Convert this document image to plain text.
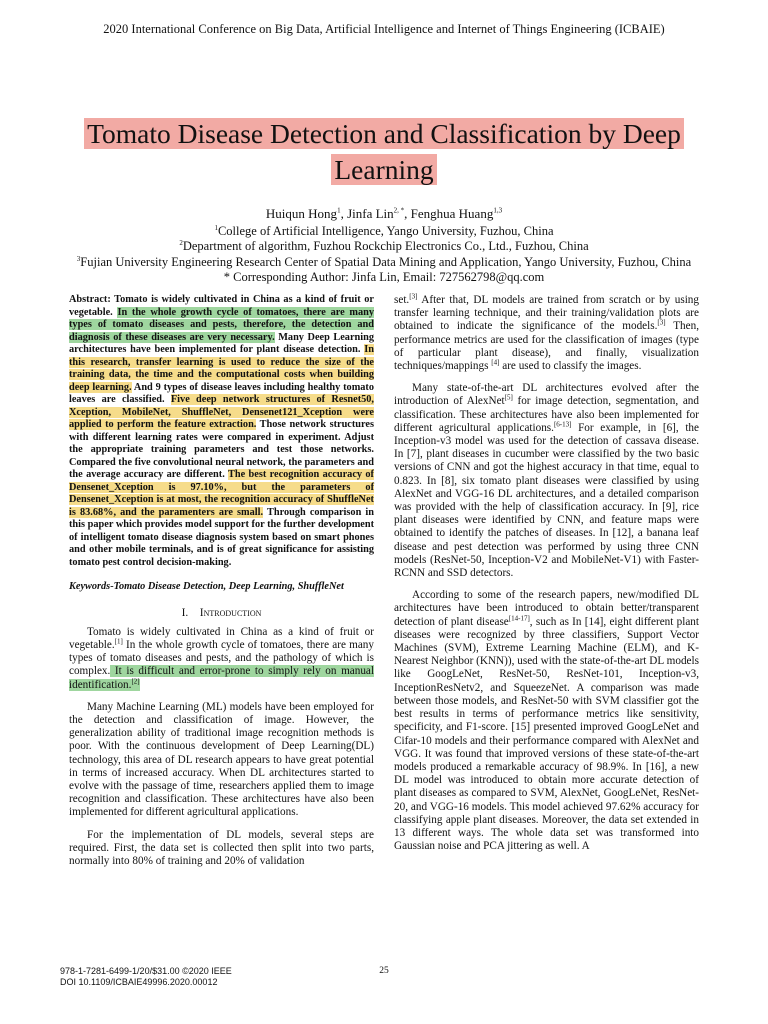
2020 International Conference on Big Data, Artificial Intelligence and Internet of Things Engineering (ICBAIE)
Tomato Disease Detection and Classification by Deep
Learning
Huiqun Hong$^1$, Jinfa Lin$^{2, *}$, Fenghua Huang$^{1,3}$
$^1$College of Artificial Intelligence, Yango University, Fuzhou, China
$^2$Department of algorithm, Fuzhou Rockchip Electronics Co., Ltd., Fuzhou, China
$^3$Fujian University Engineering Research Center of Spatial Data Mining and Application, Yango University, Fuzhou, China
* Corresponding Author: Jinfa Lin, Email: 727562798@qq.com
Abstract: Tomato is widely cultivated in China as a kind of fruit or vegetable. In the whole growth cycle of tomatoes, there are many types of tomato diseases and pests, therefore, the detection and diagnosis of these diseases are very necessary. Many Deep Learning architectures have been implemented for plant disease detection. In this research, transfer learning is used to reduce the size of the training data, the time and the computational costs when building deep learning. And 9 types of disease leaves including healthy tomato leaves are classified. Five deep network structures of Resnet50, Xception, MobileNet, ShuffleNet, Densenet121_Xception were applied to perform the feature extraction. Those network structures with different learning rates were compared in experiment. Adjust the appropriate training parameters and test those networks. Compared the five convolutional neural network, the parameters and the average accuracy are different. The best recognition accuracy of Densenet_Xception is 97.10%, but the parameters of Densenet_Xception is at most, the recognition accuracy of ShuffleNet is 83.68%, and the paramenters are small. Through comparison in this paper which provides model support for the further development of intelligent tomato disease diagnosis system based on smart phones and other mobile terminals, and is of great significance for assisting tomato pest control decision-making.
Keywords-Tomato Disease Detection, Deep Learning, ShuffleNet
I. Introduction

Tomato is widely cultivated in China as a kind of fruit or vegetable.[1] In the whole growth cycle of tomatoes, there are many types of tomato diseases and pests, and the pathology of which is complex. It is difficult and error-prone to simply rely on manual identification.[2]

Many Machine Learning (ML) models have been employed for the detection and classification of image. However, the generalization ability of traditional image recognition methods is poor. With the continuous development of Deep Learning(DL) technology, this area of DL research appears to have great potential in terms of increased accuracy. When DL architectures started to evolve with the passage of time, researchers applied them to image recognition and classification. These architectures have also been implemented for different agricultural applications.

For the implementation of DL models, several steps are required. First, the data set is collected then split into two parts, normally into 80% of training and 20% of validation

set.[3] After that, DL models are trained from scratch or by using transfer learning technique, and their training/validation plots are obtained to indicate the significance of the models.[3] Then, performance metrics are used for the classification of images (type of particular plant disease), and finally, visualization techniques/mappings [4] are used to classify the images.

Many state-of-the-art DL architectures evolved after the introduction of AlexNet[5] for image detection, segmentation, and classification. These architectures have also been implemented for different agricultural applications.[6-13] For example, in [6], the Inception-v3 model was used for the detection of cassava disease. In [7], plant diseases in cucumber were classified by the two basic versions of CNN and got the highest accuracy in that time, equal to 0.823. In [8], six tomato plant diseases were classified by using AlexNet and VGG-16 DL architectures, and a detailed comparison was provided with the help of classification accuracy. In [9], rice plant diseases were identified by CNN, and feature maps were obtained to identify the patches of diseases. In [12], a banana leaf disease and pest detection was performed by using three CNN models (ResNet-50, Inception-V2 and MobileNet-V1) with Faster-RCNN and SSD detectors.

According to some of the research papers, new/modified DL architectures have been introduced to obtain better/transparent detection of plant disease[14-17], such as In [14], eight different plant diseases were recognized by three classifiers, Support Vector Machines (SVM), Extreme Learning Machine (ELM), and K-Nearest Neighbor (KNN)), used with the state-of-the-art DL models like GoogLeNet, ResNet-50, ResNet-101, Inception-v3, InceptionResNetv2, and SqueezeNet. A comparison was made between those models, and ResNet-50 with SVM classifier got the best results in terms of performance metrics like sensitivity, specificity, and F1-score. [15] presented improved GoogLeNet and Cifar-10 models and their performance compared with AlexNet and VGG. It was found that improved versions of these state-of-the-art models produced a remarkable accuracy of 98.9%. In [16], a new DL model was introduced to obtain more accurate detection of plant diseases as compared to SVM, AlexNet, GoogLeNet, ResNet-20, and VGG-16 models. This model achieved 97.62% accuracy for classifying apple plant diseases. Moreover, the data set extended in 13 different ways. The whole data set was transformed into Gaussian noise and PCA jittering as well. A

978-1-7281-6499-1/20/$31.00 ©2020 IEEE
DOI 10.1109/ICBAIE49996.2020.00012
25
